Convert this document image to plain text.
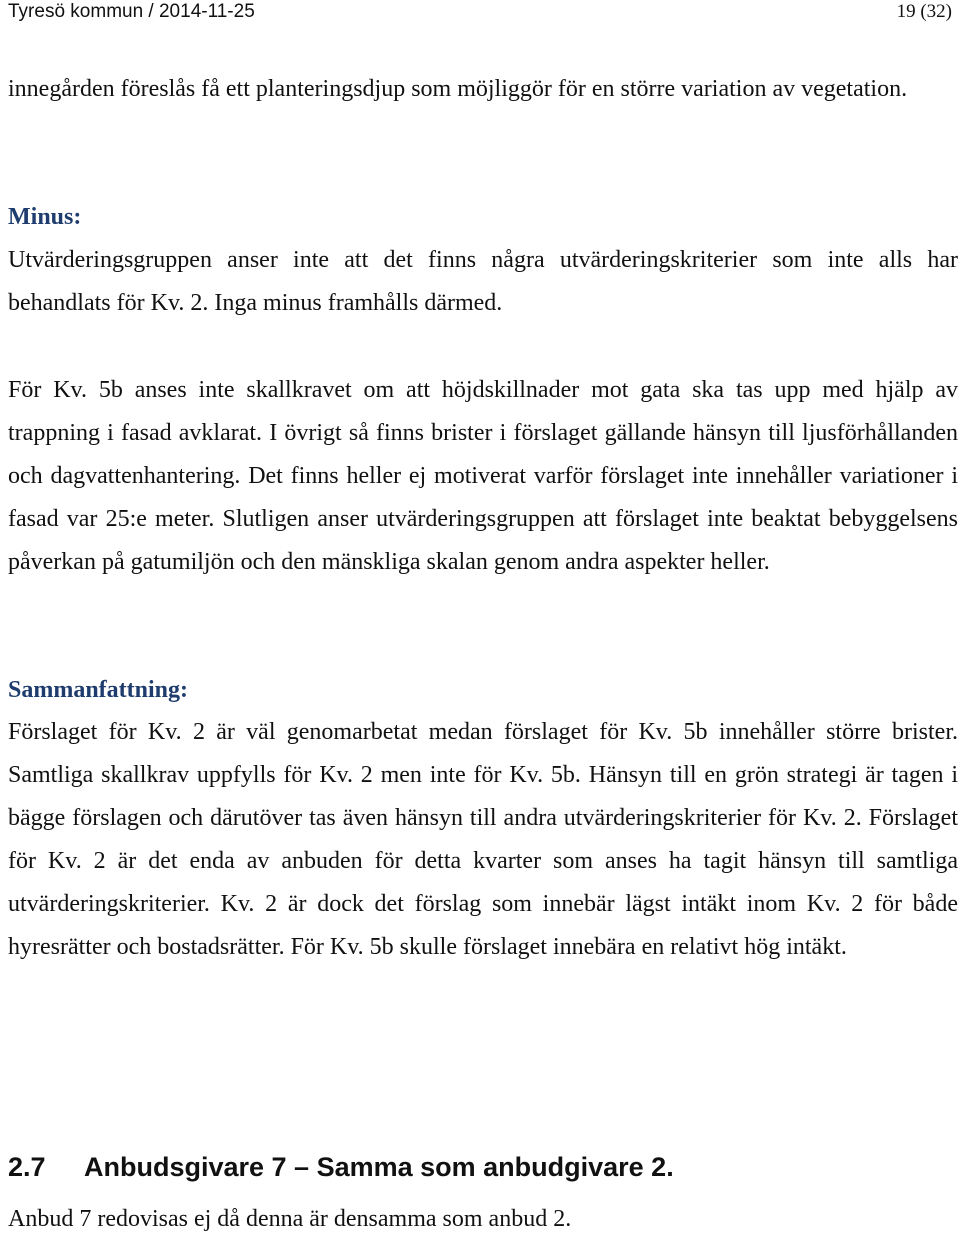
Tyresö kommun / 2014-11-25	19 (32)

innegården föreslås få ett planteringsdjup som möjliggör för en större variation av vegetation.

Minus:

Utvärderingsgruppen anser inte att det finns några utvärderingskriterier som inte alls har behandlats för Kv. 2. Inga minus framhålls därmed.

För Kv. 5b anses inte skallkravet om att höjdskillnader mot gata ska tas upp med hjälp av trappning i fasad avklarat. I övrigt så finns brister i förslaget gällande hänsyn till ljusförhållanden och dagvattenhantering. Det finns heller ej motiverat varför förslaget inte innehåller variationer i fasad var 25:e meter. Slutligen anser utvärderingsgruppen att förslaget inte beaktat bebyggelsens påverkan på gatumiljön och den mänskliga skalan genom andra aspekter heller.

Sammanfattning:

Förslaget för Kv. 2 är väl genomarbetat medan förslaget för Kv. 5b innehåller större brister. Samtliga skallkrav uppfylls för Kv. 2 men inte för Kv. 5b. Hänsyn till en grön strategi är tagen i bägge förslagen och därutöver tas även hänsyn till andra utvärderingskriterier för Kv. 2. Förslaget för Kv. 2 är det enda av anbuden för detta kvarter som anses ha tagit hänsyn till samtliga utvärderingskriterier. Kv. 2 är dock det förslag som innebär lägst intäkt inom Kv. 2 för både hyresrätter och bostadsrätter. För Kv. 5b skulle förslaget innebära en relativt hög intäkt.

2.7 Anbudsgivare 7 – Samma som anbudgivare 2.

Anbud 7 redovisas ej då denna är densamma som anbud 2.
